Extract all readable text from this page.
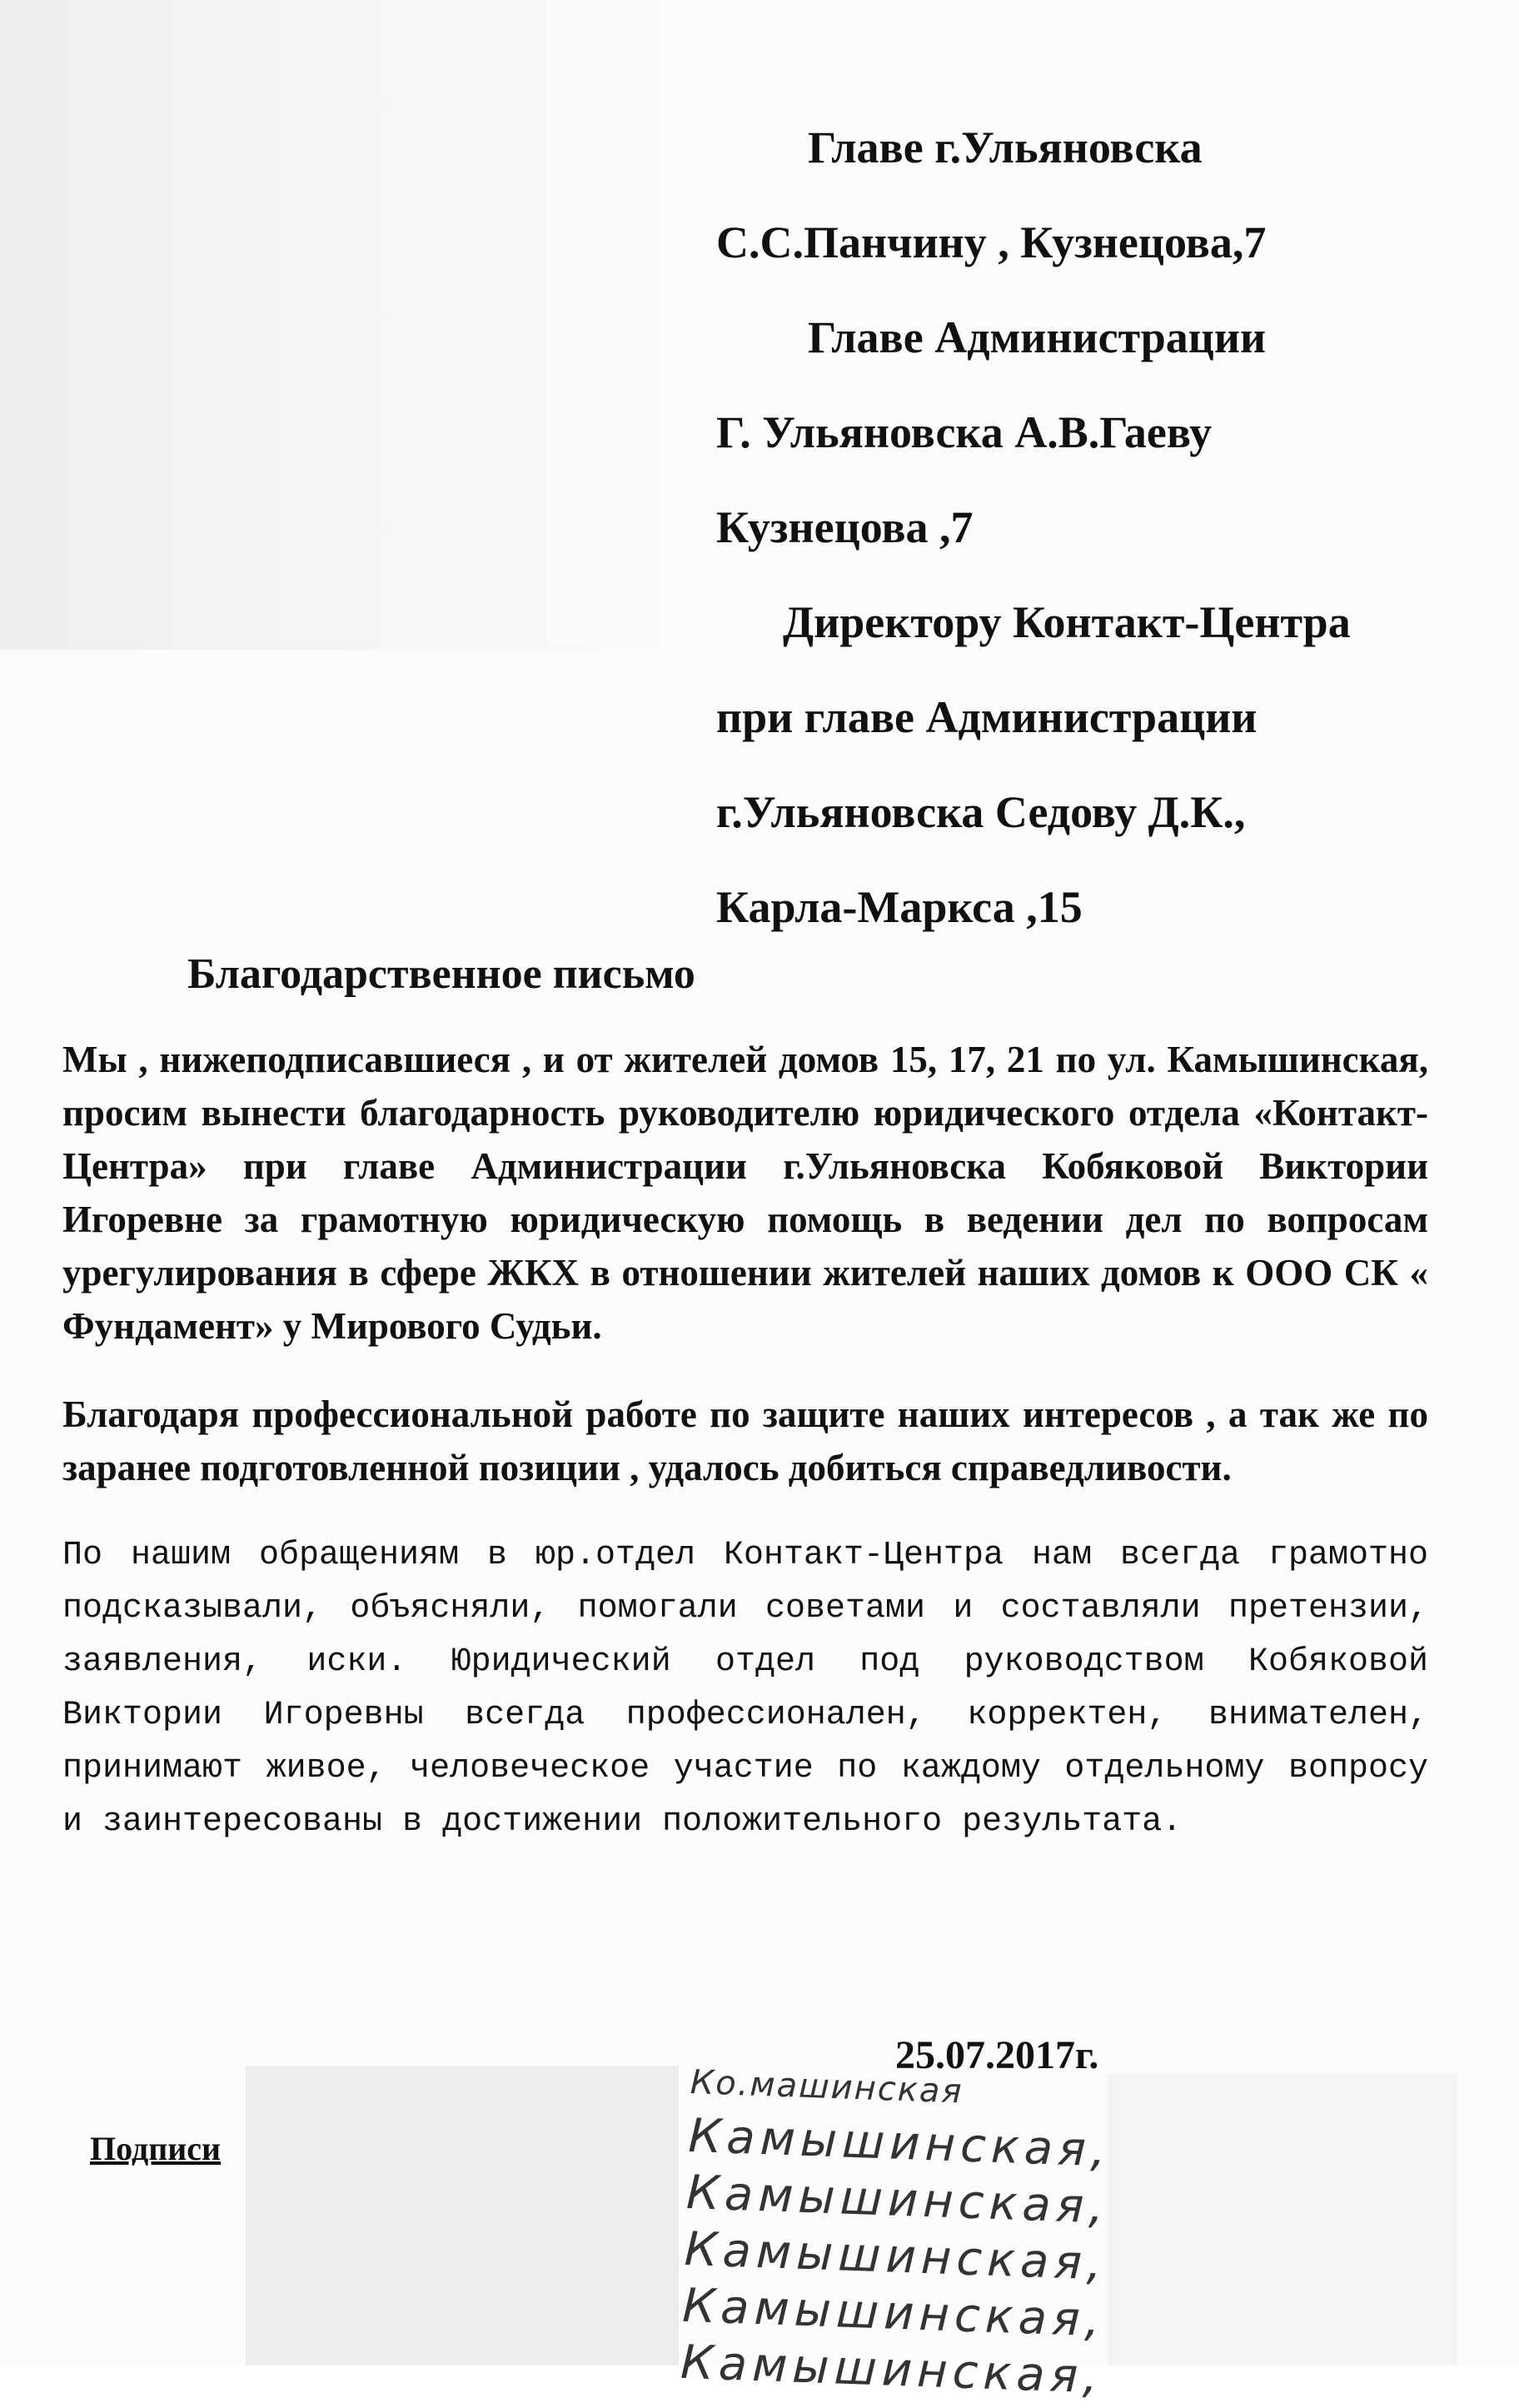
Главе г.Ульяновска
С.С.Панчину , Кузнецова,7
Главе Администрации
Г. Ульяновска А.В.Гаеву
Кузнецова ,7
Директору Контакт-Центра
при главе Администрации
г.Ульяновска Седову Д.К.,
Карла-Маркса ,15
Благодарственное письмо

Мы , нижеподписавшиеся , и от жителей домов 15, 17, 21 по ул. Камышинская, просим вынести благодарность руководителю юридического отдела «Контакт-Центра» при главе Администрации г.Ульяновска Кобяковой Виктории Игоревне за грамотную юридическую помощь в ведении дел по вопросам урегулирования в сфере ЖКХ в отношении жителей наших домов к ООО СК « Фундамент» у Мирового Судьи.

Благодаря профессиональной работе по защите наших интересов , а так же по заранее подготовленной позиции , удалось добиться справедливости.

По нашим обращениям в юр.отдел Контакт-Центра нам всегда грамотно подсказывали, объясняли, помогали советами и составляли претензии, заявления, иски. Юридический отдел под руководством Кобяковой Виктории Игоревны всегда профессионален, корректен, внимателен, принимают живое, человеческое участие по каждому отдельному вопросу и заинтересованы в достижении положительного результата.

25.07.2017г.
Подписи
Ко.машинская
Камышинская,
Камышинская,
Камышинская,
Камышинская,
Камышинская,
